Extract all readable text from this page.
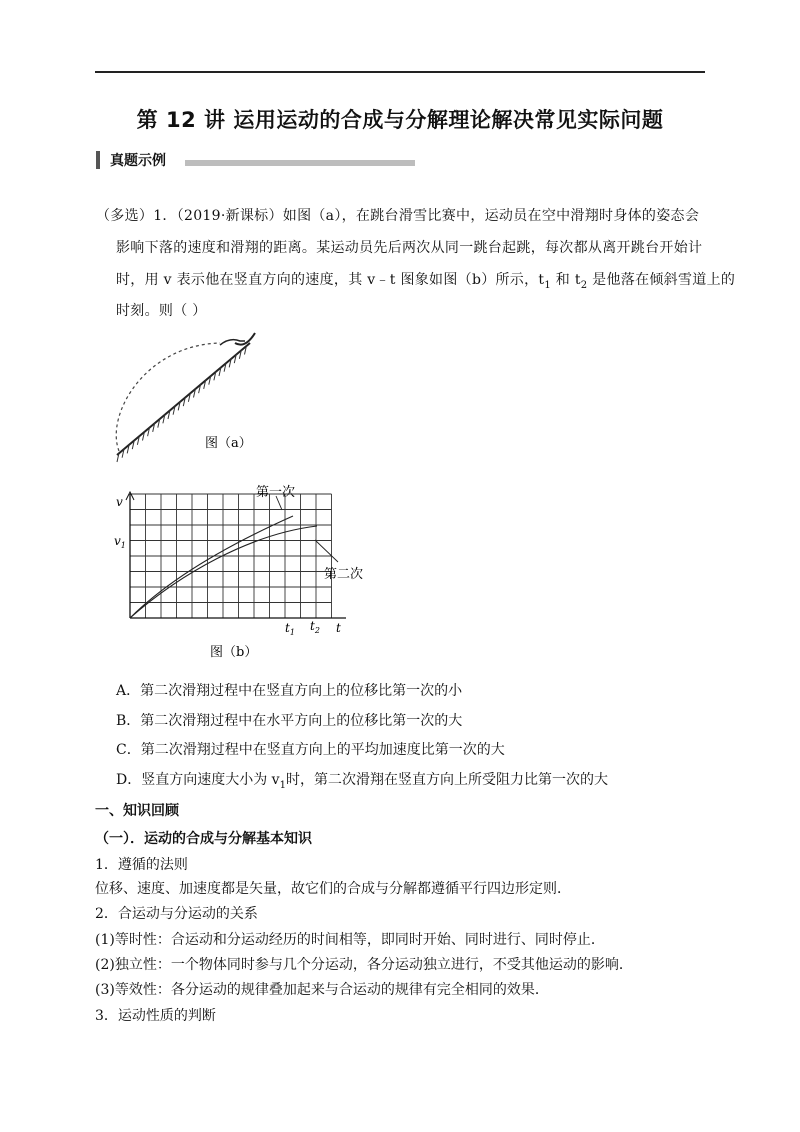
第 12 讲 运用运动的合成与分解理论解决常见实际问题
真题示例
（多选）1．（2019·新课标）如图（a），在跳台滑雪比赛中，运动员在空中滑翔时身体的姿态会
影响下落的速度和滑翔的距离。某运动员先后两次从同一跳台起跳，每次都从离开跳台开始计
时，用 v 表示他在竖直方向的速度，其 v﹣t 图象如图（b）所示，$t_1$ 和 $t_2$ 是他落在倾斜雪道上的
时刻。则（ ）
图（a）
v
$v_1$
t
$t_1$ $t_2$
第一次
第二次
图（b）
A．第二次滑翔过程中在竖直方向上的位移比第一次的小
B．第二次滑翔过程中在水平方向上的位移比第一次的大
C．第二次滑翔过程中在竖直方向上的平均加速度比第一次的大
D．竖直方向速度大小为 $v_1$时，第二次滑翔在竖直方向上所受阻力比第一次的大
一、知识回顾
（一）．运动的合成与分解基本知识
1．遵循的法则
位移、速度、加速度都是矢量，故它们的合成与分解都遵循平行四边形定则．
2．合运动与分运动的关系
(1)等时性：合运动和分运动经历的时间相等，即同时开始、同时进行、同时停止．
(2)独立性：一个物体同时参与几个分运动，各分运动独立进行，不受其他运动的影响．
(3)等效性：各分运动的规律叠加起来与合运动的规律有完全相同的效果．
3．运动性质的判断
